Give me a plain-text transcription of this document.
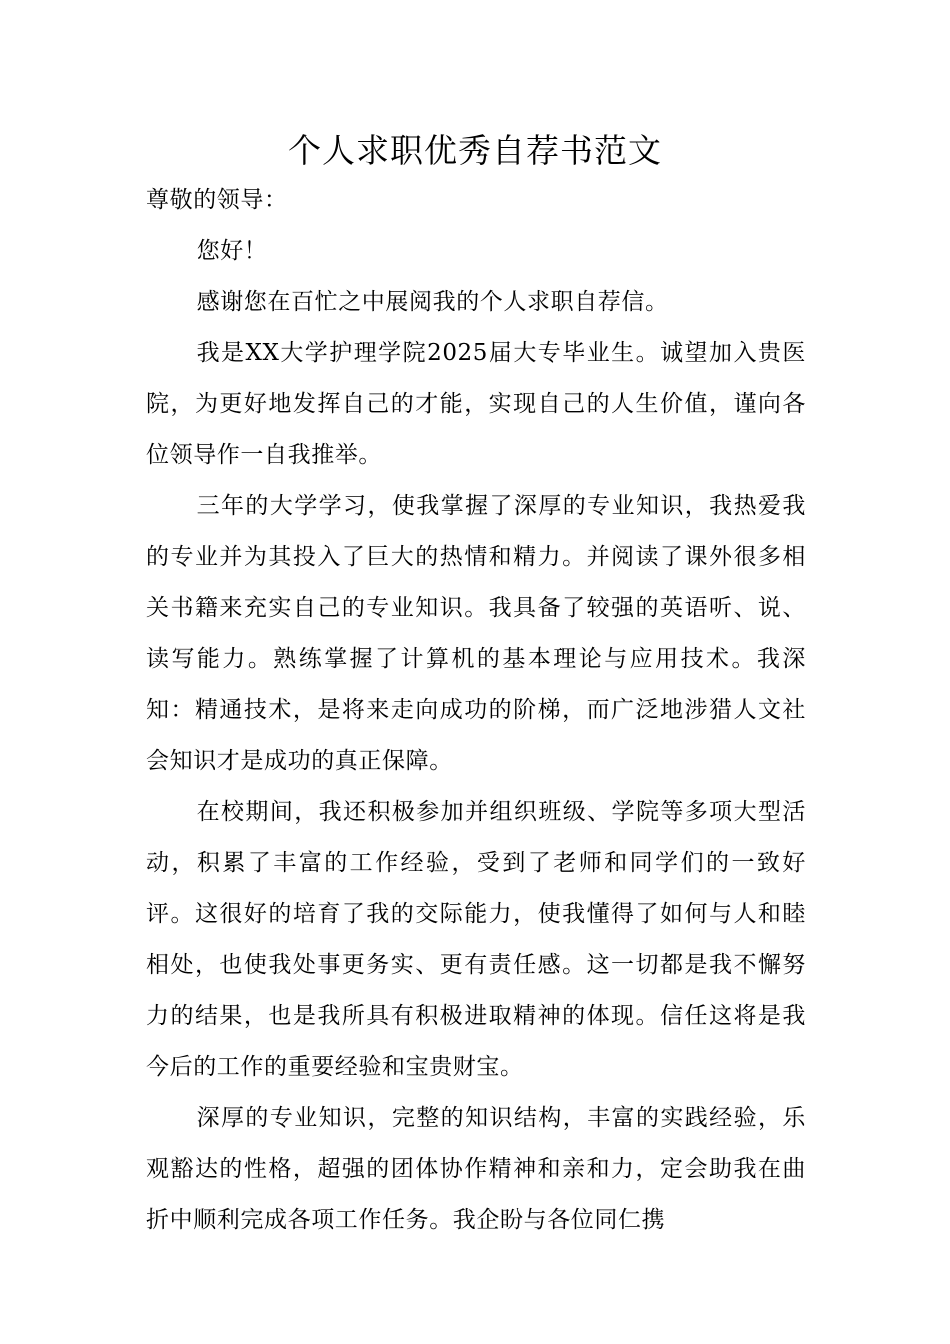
个人求职优秀自荐书范文

尊敬的领导：

您好！

感谢您在百忙之中展阅我的个人求职自荐信。

我是XX大学护理学院2025届大专毕业生。诚望加入贵医院，为更好地发挥自己的才能，实现自己的人生价值，谨向各位领导作一自我推举。

三年的大学学习，使我掌握了深厚的专业知识，我热爱我的专业并为其投入了巨大的热情和精力。并阅读了课外很多相关书籍来充实自己的专业知识。我具备了较强的英语听、说、读写能力。熟练掌握了计算机的基本理论与应用技术。我深知：精通技术，是将来走向成功的阶梯，而广泛地涉猎人文社会知识才是成功的真正保障。

在校期间，我还积极参加并组织班级、学院等多项大型活动，积累了丰富的工作经验，受到了老师和同学们的一致好评。这很好的培育了我的交际能力，使我懂得了如何与人和睦相处，也使我处事更务实、更有责任感。这一切都是我不懈努力的结果，也是我所具有积极进取精神的体现。信任这将是我今后的工作的重要经验和宝贵财宝。

深厚的专业知识，完整的知识结构，丰富的实践经验，乐观豁达的性格，超强的团体协作精神和亲和力，定会助我在曲折中顺利完成各项工作任务。我企盼与各位同仁携
